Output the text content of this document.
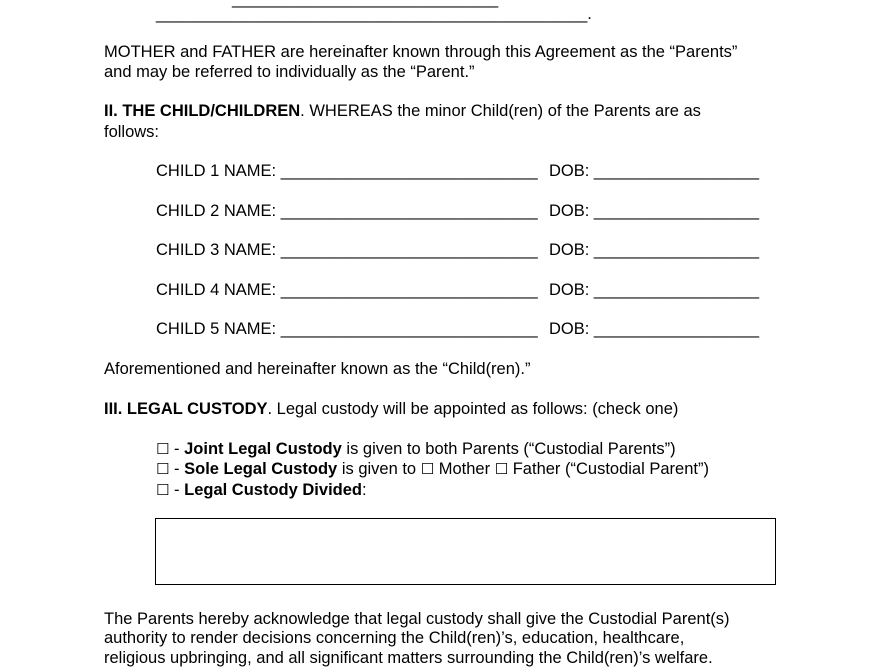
_______________________________________________.
MOTHER and FATHER are hereinafter known through this Agreement as the “Parents”
and may be referred to individually as the “Parent.”
II. THE CHILD/CHILDREN. WHEREAS the minor Child(ren) of the Parents are as
follows:
CHILD 1 NAME: ____________________________ DOB: __________________
CHILD 2 NAME: ____________________________ DOB: __________________
CHILD 3 NAME: ____________________________ DOB: __________________
CHILD 4 NAME: ____________________________ DOB: __________________
CHILD 5 NAME: ____________________________ DOB: __________________
Aforementioned and hereinafter known as the “Child(ren).”
III. LEGAL CUSTODY. Legal custody will be appointed as follows: (check one)
☐ - Joint Legal Custody is given to both Parents (“Custodial Parents”)
☐ - Sole Legal Custody is given to ☐ Mother ☐ Father (“Custodial Parent”)
☐ - Legal Custody Divided:
The Parents hereby acknowledge that legal custody shall give the Custodial Parent(s)
authority to render decisions concerning the Child(ren)’s, education, healthcare,
religious upbringing, and all significant matters surrounding the Child(ren)’s welfare.
